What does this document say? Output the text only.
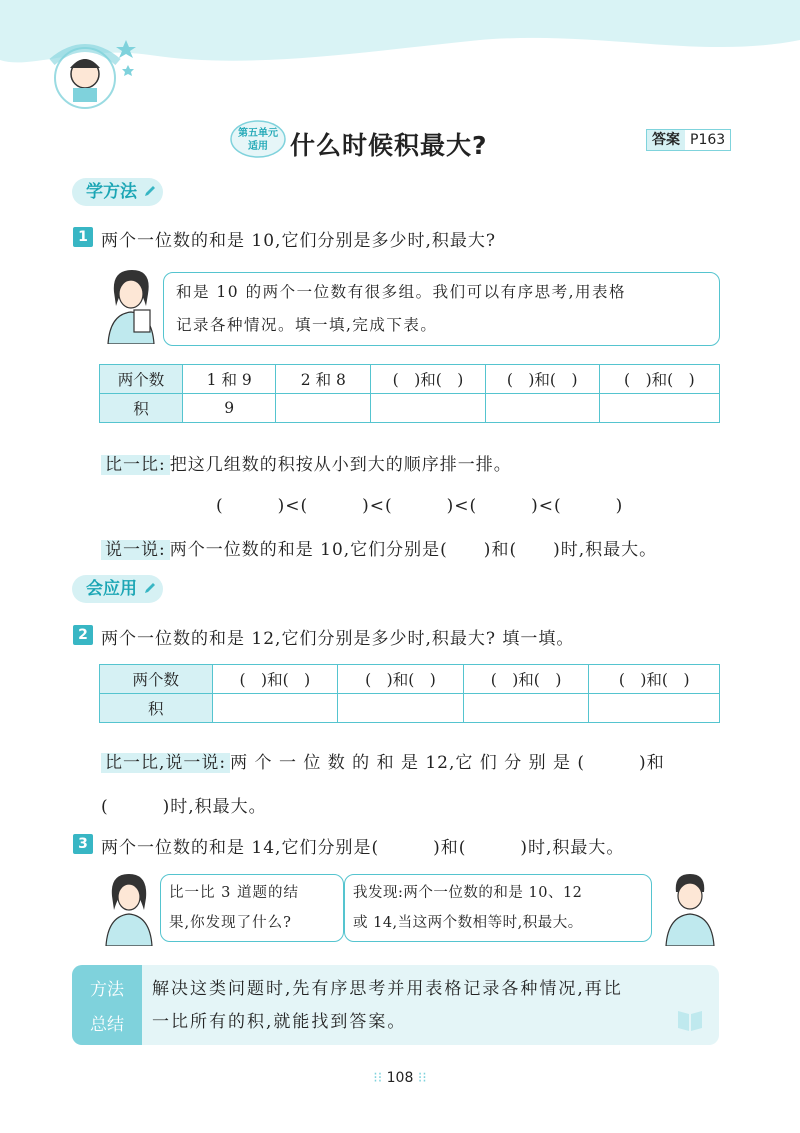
第五单元
适用 什么时候积最大?	答案 P163
学方法
1 两个一位数的和是 10,它们分别是多少时,积最大?
和是 10 的两个一位数有很多组。我们可以有序思考,用表格
记录各种情况。填一填,完成下表。
两个数	1 和 9	2 和 8	(　)和(　)	(　)和(　)	(　)和(　)
积	9				
比一比: 把这几组数的积按从小到大的顺序排一排。
(　　　)<(　　　)<(　　　)<(　　　)<(　　　)
说一说: 两个一位数的和是 10,它们分别是(　　)和(　　)时,积最大。
会应用
2 两个一位数的和是 12,它们分别是多少时,积最大? 填一填。
两个数	(　)和(　)	(　)和(　)	(　)和(　)	(　)和(　)
积				
比一比,说一说: 两 个 一 位 数 的 和 是 12,它 们 分 别 是 (　　　)和
(　　　)时,积最大。
3 两个一位数的和是 14,它们分别是(　　　)和(　　　)时,积最大。
比一比 3 道题的结
果,你发现了什么?
我发现:两个一位数的和是 10、12
或 14,当这两个数相等时,积最大。
方法
总结
解决这类问题时,先有序思考并用表格记录各种情况,再比
一比所有的积,就能找到答案。
⁝⁝ 108 ⁝⁝
